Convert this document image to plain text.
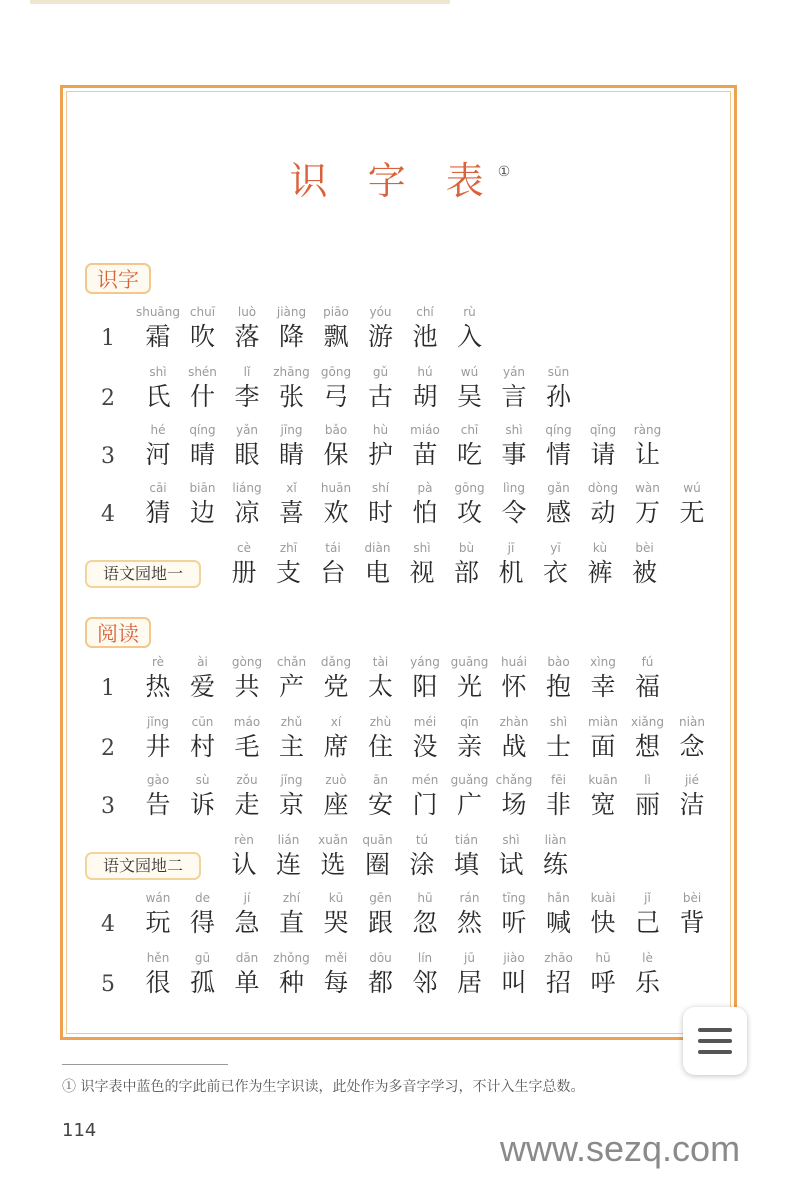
识 字 表①
识字
1
shuāng
霜
chuī
吹
luò
落
jiàng
降
piāo
飘
yóu
游
chí
池
rù
入
2
shì
氏
shén
什
lǐ
李
zhāng
张
gōng
弓
gǔ
古
hú
胡
wú
吴
yán
言
sūn
孙
3
hé
河
qíng
晴
yǎn
眼
jīng
睛
bǎo
保
hù
护
miáo
苗
chī
吃
shì
事
qíng
情
qǐng
请
ràng
让
4
cāi
猜
biān
边
liáng
凉
xǐ
喜
huān
欢
shí
时
pà
怕
gōng
攻
lìng
令
gǎn
感
dòng
动
wàn
万
wú
无
语文园地一
cè
册
zhī
支
tái
台
diàn
电
shì
视
bù
部
jī
机
yī
衣
kù
裤
bèi
被
阅读
1
rè
热
ài
爱
gòng
共
chǎn
产
dǎng
党
tài
太
yáng
阳
guāng
光
huái
怀
bào
抱
xìng
幸
fú
福
2
jǐng
井
cūn
村
máo
毛
zhǔ
主
xí
席
zhù
住
méi
没
qīn
亲
zhàn
战
shì
士
miàn
面
xiǎng
想
niàn
念
3
gào
告
sù
诉
zǒu
走
jīng
京
zuò
座
ān
安
mén
门
guǎng
广
chǎng
场
fēi
非
kuān
宽
lì
丽
jié
洁
语文园地二
rèn
认
lián
连
xuǎn
选
quān
圈
tú
涂
tián
填
shì
试
liàn
练
4
wán
玩
de
得
jí
急
zhí
直
kū
哭
gēn
跟
hū
忽
rán
然
tīng
听
hǎn
喊
kuài
快
jǐ
己
bèi
背
5
hěn
很
gū
孤
dān
单
zhǒng
种
měi
每
dōu
都
lín
邻
jū
居
jiào
叫
zhāo
招
hū
呼
lè
乐
① 识字表中蓝色的字此前已作为生字识读，此处作为多音字学习，不计入生字总数。
114	www.sezq.com
